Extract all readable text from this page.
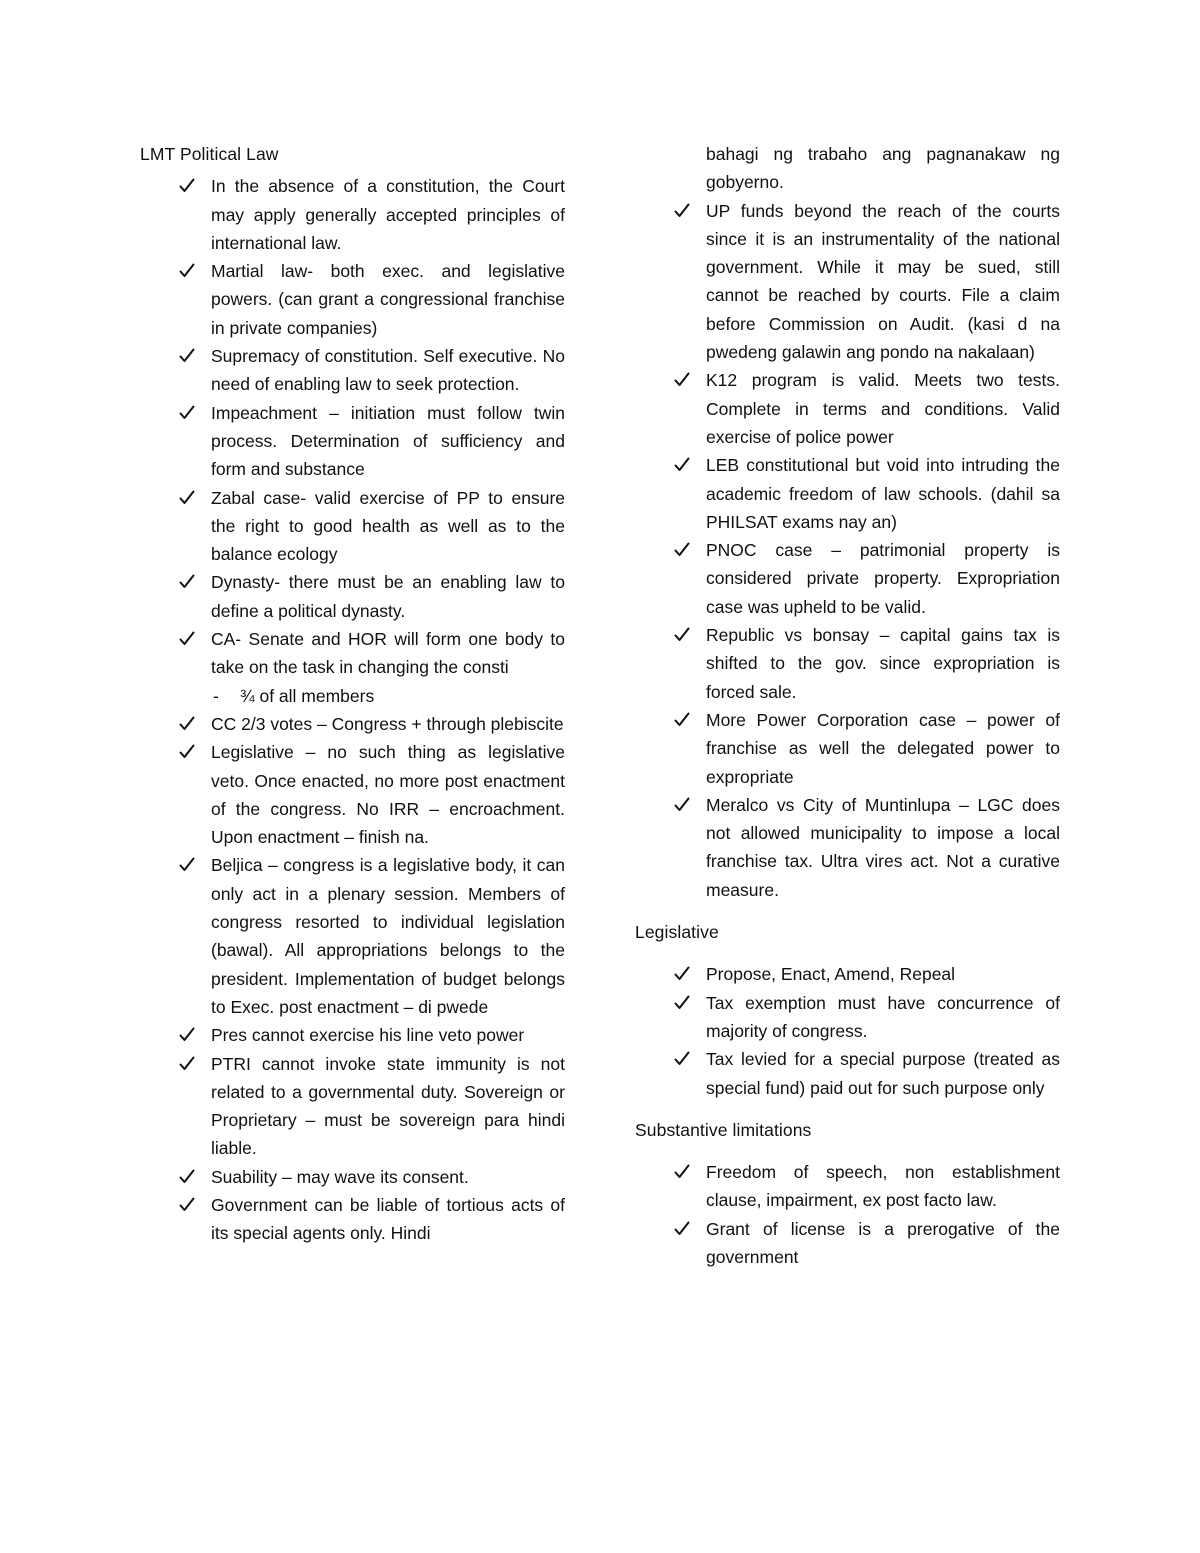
LMT Political Law
In the absence of a constitution, the Court may apply generally accepted principles of international law.
Martial law- both exec. and legislative powers. (can grant a congressional franchise in private companies)
Supremacy of constitution. Self executive. No need of enabling law to seek protection.
Impeachment – initiation must follow twin process. Determination of sufficiency and form and substance
Zabal case- valid exercise of PP to ensure the right to good health as well as to the balance ecology
Dynasty- there must be an enabling law to define a political dynasty.
CA- Senate and HOR will form one body to take on the task in changing the consti
- ¾ of all members
CC 2/3 votes – Congress + through plebiscite
Legislative – no such thing as legislative veto. Once enacted, no more post enactment of the congress. No IRR – encroachment. Upon enactment – finish na.
Beljica – congress is a legislative body, it can only act in a plenary session. Members of congress resorted to individual legislation (bawal). All appropriations belongs to the president. Implementation of budget belongs to Exec. post enactment – di pwede
Pres cannot exercise his line veto power
PTRI cannot invoke state immunity is not related to a governmental duty. Sovereign or Proprietary – must be sovereign para hindi liable.
Suability – may wave its consent.
Government can be liable of tortious acts of its special agents only. Hindi
bahagi ng trabaho ang pagnanakaw ng gobyerno.
UP funds beyond the reach of the courts since it is an instrumentality of the national government. While it may be sued, still cannot be reached by courts. File a claim before Commission on Audit. (kasi d na pwedeng galawin ang pondo na nakalaan)
K12 program is valid. Meets two tests. Complete in terms and conditions. Valid exercise of police power
LEB constitutional but void into intruding the academic freedom of law schools. (dahil sa PHILSAT exams nay an)
PNOC case – patrimonial property is considered private property. Expropriation case was upheld to be valid.
Republic vs bonsay – capital gains tax is shifted to the gov. since expropriation is forced sale.
More Power Corporation case – power of franchise as well the delegated power to expropriate
Meralco vs City of Muntinlupa – LGC does not allowed municipality to impose a local franchise tax. Ultra vires act. Not a curative measure.
Legislative
Propose, Enact, Amend, Repeal
Tax exemption must have concurrence of majority of congress.
Tax levied for a special purpose (treated as special fund) paid out for such purpose only
Substantive limitations
Freedom of speech, non establishment clause, impairment, ex post facto law.
Grant of license is a prerogative of the government
